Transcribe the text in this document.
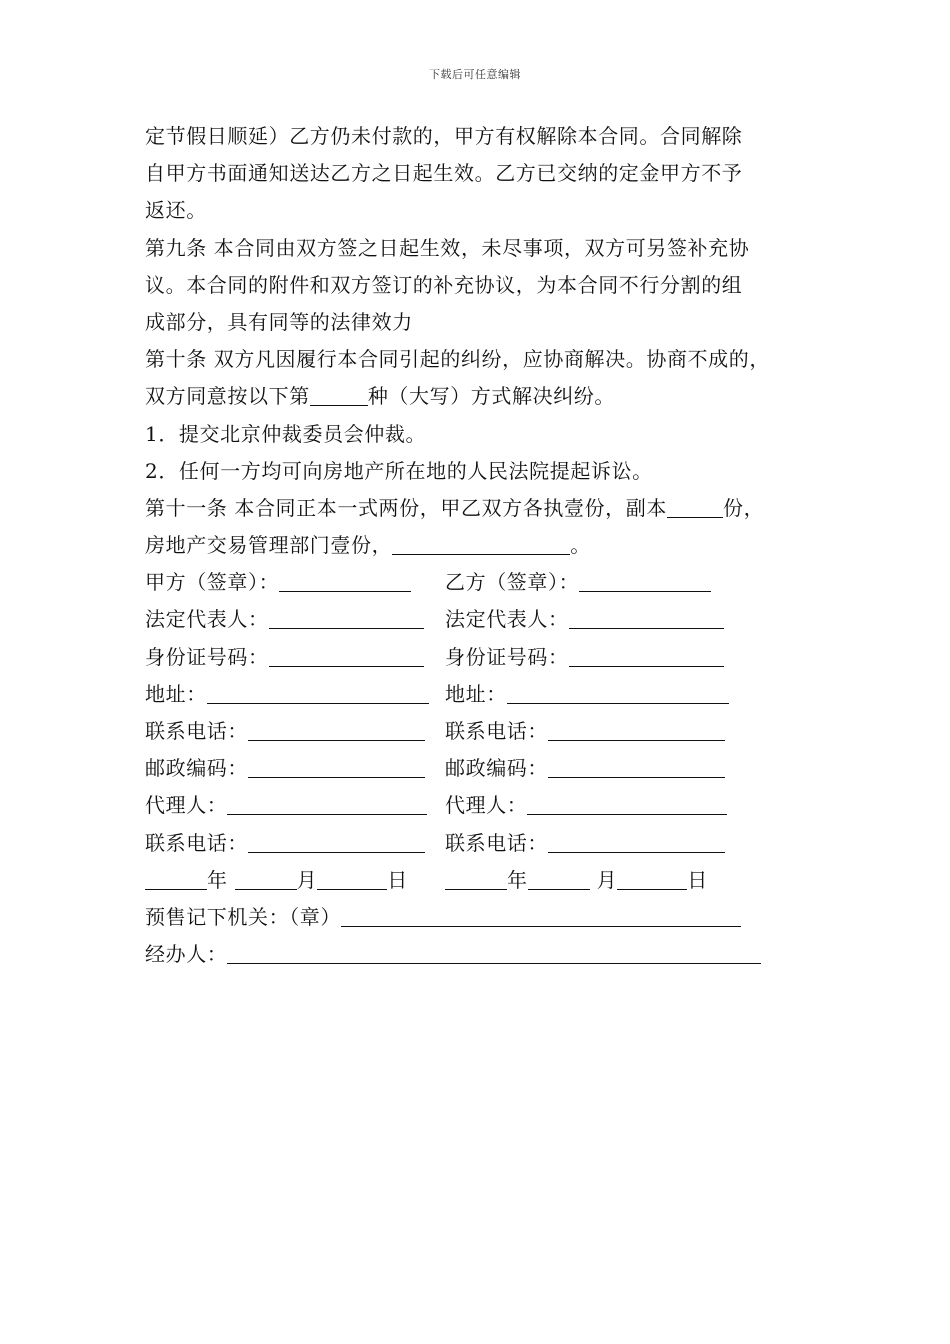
下载后可任意编辑
定节假日顺延）乙方仍未付款的，甲方有权解除本合同。合同解除
自甲方书面通知送达乙方之日起生效。乙方已交纳的定金甲方不予
返还。
第九条 本合同由双方签之日起生效，未尽事项，双方可另签补充协
议。本合同的附件和双方签订的补充协议，为本合同不行分割的组
成部分，具有同等的法律效力
第十条 双方凡因履行本合同引起的纠纷，应协商解决。协商不成的，
双方同意按以下第	种（大写）方式解决纠纷。
1．提交北京仲裁委员会仲裁。
2．任何一方均可向房地产所在地的人民法院提起诉讼。
第十一条 本合同正本一式两份，甲乙双方各执壹份，副本	份，
房地产交易管理部门壹份，	。
甲方（签章）：	乙方（签章）：
法定代表人：	法定代表人：
身份证号码：	身份证号码：
地址：	地址：
联系电话：	联系电话：
邮政编码：	邮政编码：
代理人：	代理人：
联系电话：	联系电话：
年	月	日	年	月	日
预售记下机关：（章）
经办人：
